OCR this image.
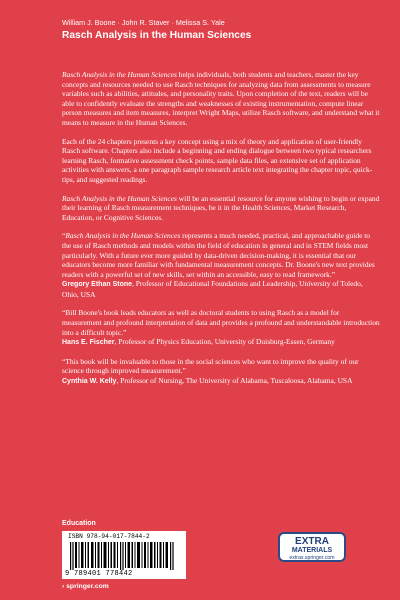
William J. Boone · John R. Staver · Melissa S. Yale
Rasch Analysis in the Human Sciences

Rasch Analysis in the Human Sciences helps individuals, both students and teachers, master the key concepts and resources needed to use Rasch techniques for analyzing data from assessments to measure variables such as abilities, attitudes, and personality traits. Upon completion of the text, readers will be able to confidently evaluate the strengths and weaknesses of existing instrumentation, compute linear person measures and item measures, interpret Wright Maps, utilize Rasch software, and understand what it means to measure in the Human Sciences.

Each of the 24 chapters presents a key concept using a mix of theory and application of user-friendly Rasch software. Chapters also include a beginning and ending dialogue between two typical researchers learning Rasch, formative assessment check points, sample data files, an extensive set of application activities with answers, a one paragraph sample research article text integrating the chapter topic, quick-tips, and suggested readings.

Rasch Analysis in the Human Sciences will be an essential resource for anyone wishing to begin or expand their learning of Rasch measurement techniques, be it in the Health Sciences, Market Research, Education, or Cognitive Sciences.

“Rasch Analysis in the Human Sciences represents a much needed, practical, and approachable guide to the use of Rasch methods and models within the field of education in general and in STEM fields most particularly. With a future ever more guided by data-driven decision-making, it is essential that our educators become more familiar with fundamental measurement concepts. Dr. Boone's new text provides readers with a powerful set of new skills, set within an accessible, easy to read framework.”
Gregory Ethan Stone, Professor of Educational Foundations and Leadership, University of Toledo, Ohio, USA
“Bill Boone's book leads educators as well as doctoral students to using Rasch as a model for measurement and profound interpretation of data and provides a profound and understandable introduction into a difficult topic.”
Hans E. Fischer, Professor of Physics Education, University of Duisburg-Essen, Germany
“This book will be invaluable to those in the social sciences who want to improve the quality of our science through improved measurement.”
Cynthia W. Kelly, Professor of Nursing, The University of Alabama, Tuscaloosa, Alabama, USA
Education
ISBN 978-94-017-7844-2
9 789401 778442
› springer.com
EXTRA
MATERIALS
extras.springer.com
